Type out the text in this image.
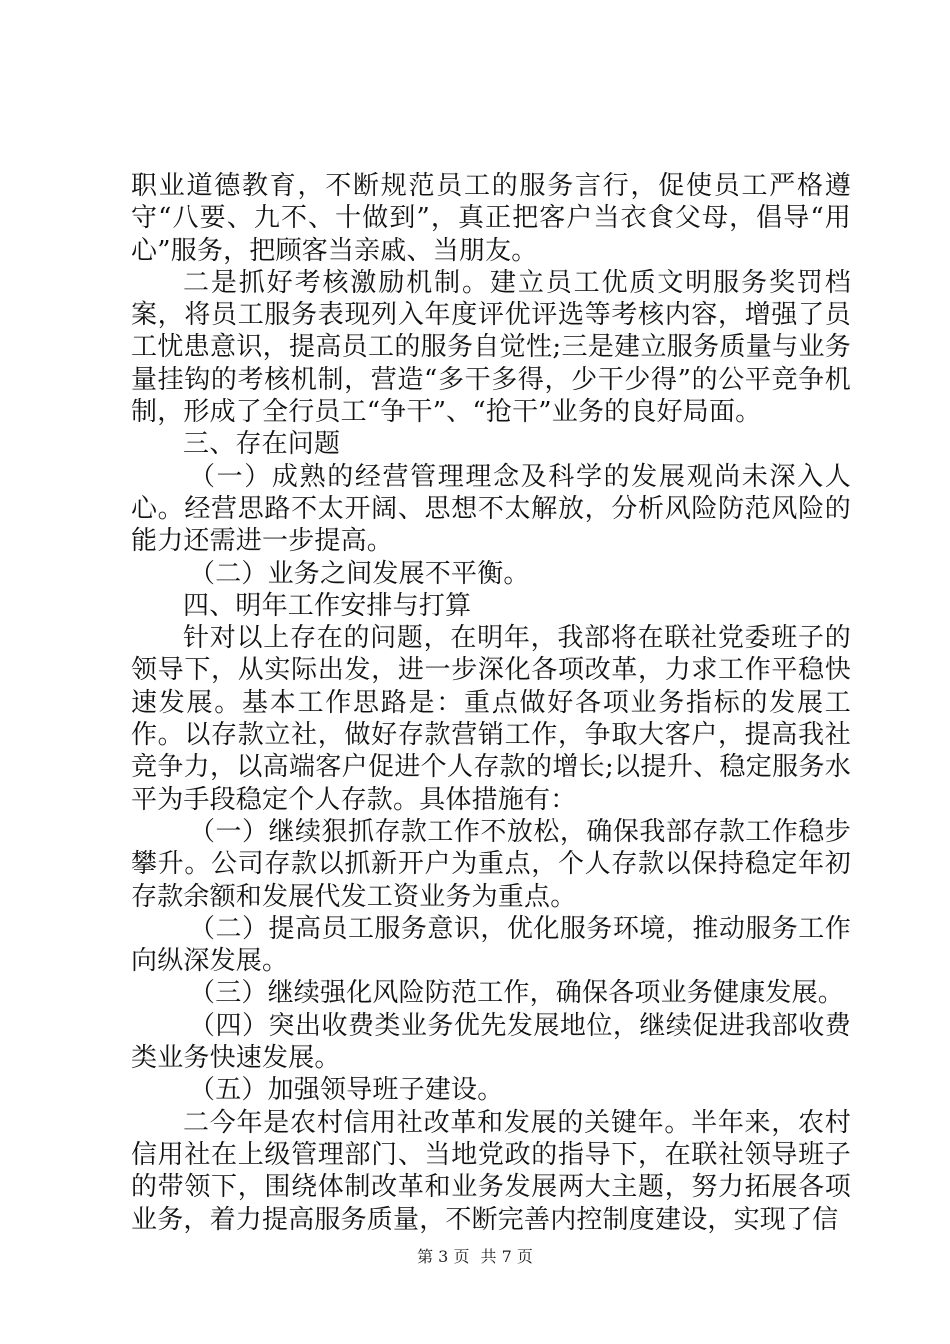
职业道德教育，不断规范员工的服务言行，促使员工严格遵守“八要、九不、十做到”，真正把客户当衣食父母，倡导“用心”服务，把顾客当亲戚、当朋友。

二是抓好考核激励机制。建立员工优质文明服务奖罚档案，将员工服务表现列入年度评优评选等考核内容，增强了员工忧患意识，提高员工的服务自觉性;三是建立服务质量与业务量挂钩的考核机制，营造“多干多得，少干少得”的公平竞争机制，形成了全行员工“争干”、“抢干”业务的良好局面。

三、存在问题

（一）成熟的经营管理理念及科学的发展观尚未深入人心。经营思路不太开阔、思想不太解放，分析风险防范风险的能力还需进一步提高。

（二）业务之间发展不平衡。

四、明年工作安排与打算

针对以上存在的问题，在明年，我部将在联社党委班子的领导下，从实际出发，进一步深化各项改革，力求工作平稳快速发展。基本工作思路是：重点做好各项业务指标的发展工作。以存款立社，做好存款营销工作，争取大客户，提高我社竞争力，以高端客户促进个人存款的增长;以提升、稳定服务水平为手段稳定个人存款。具体措施有：

（一）继续狠抓存款工作不放松，确保我部存款工作稳步攀升。公司存款以抓新开户为重点，个人存款以保持稳定年初存款余额和发展代发工资业务为重点。

（二）提高员工服务意识，优化服务环境，推动服务工作向纵深发展。

（三）继续强化风险防范工作，确保各项业务健康发展。

（四）突出收费类业务优先发展地位，继续促进我部收费类业务快速发展。

（五）加强领导班子建设。

二今年是农村信用社改革和发展的关键年。半年来，农村信用社在上级管理部门、当地党政的指导下，在联社领导班子的带领下，围绕体制改革和业务发展两大主题，努力拓展各项业务，着力提高服务质量，不断完善内控制度建设，实现了信

第 3 页 共 7 页
